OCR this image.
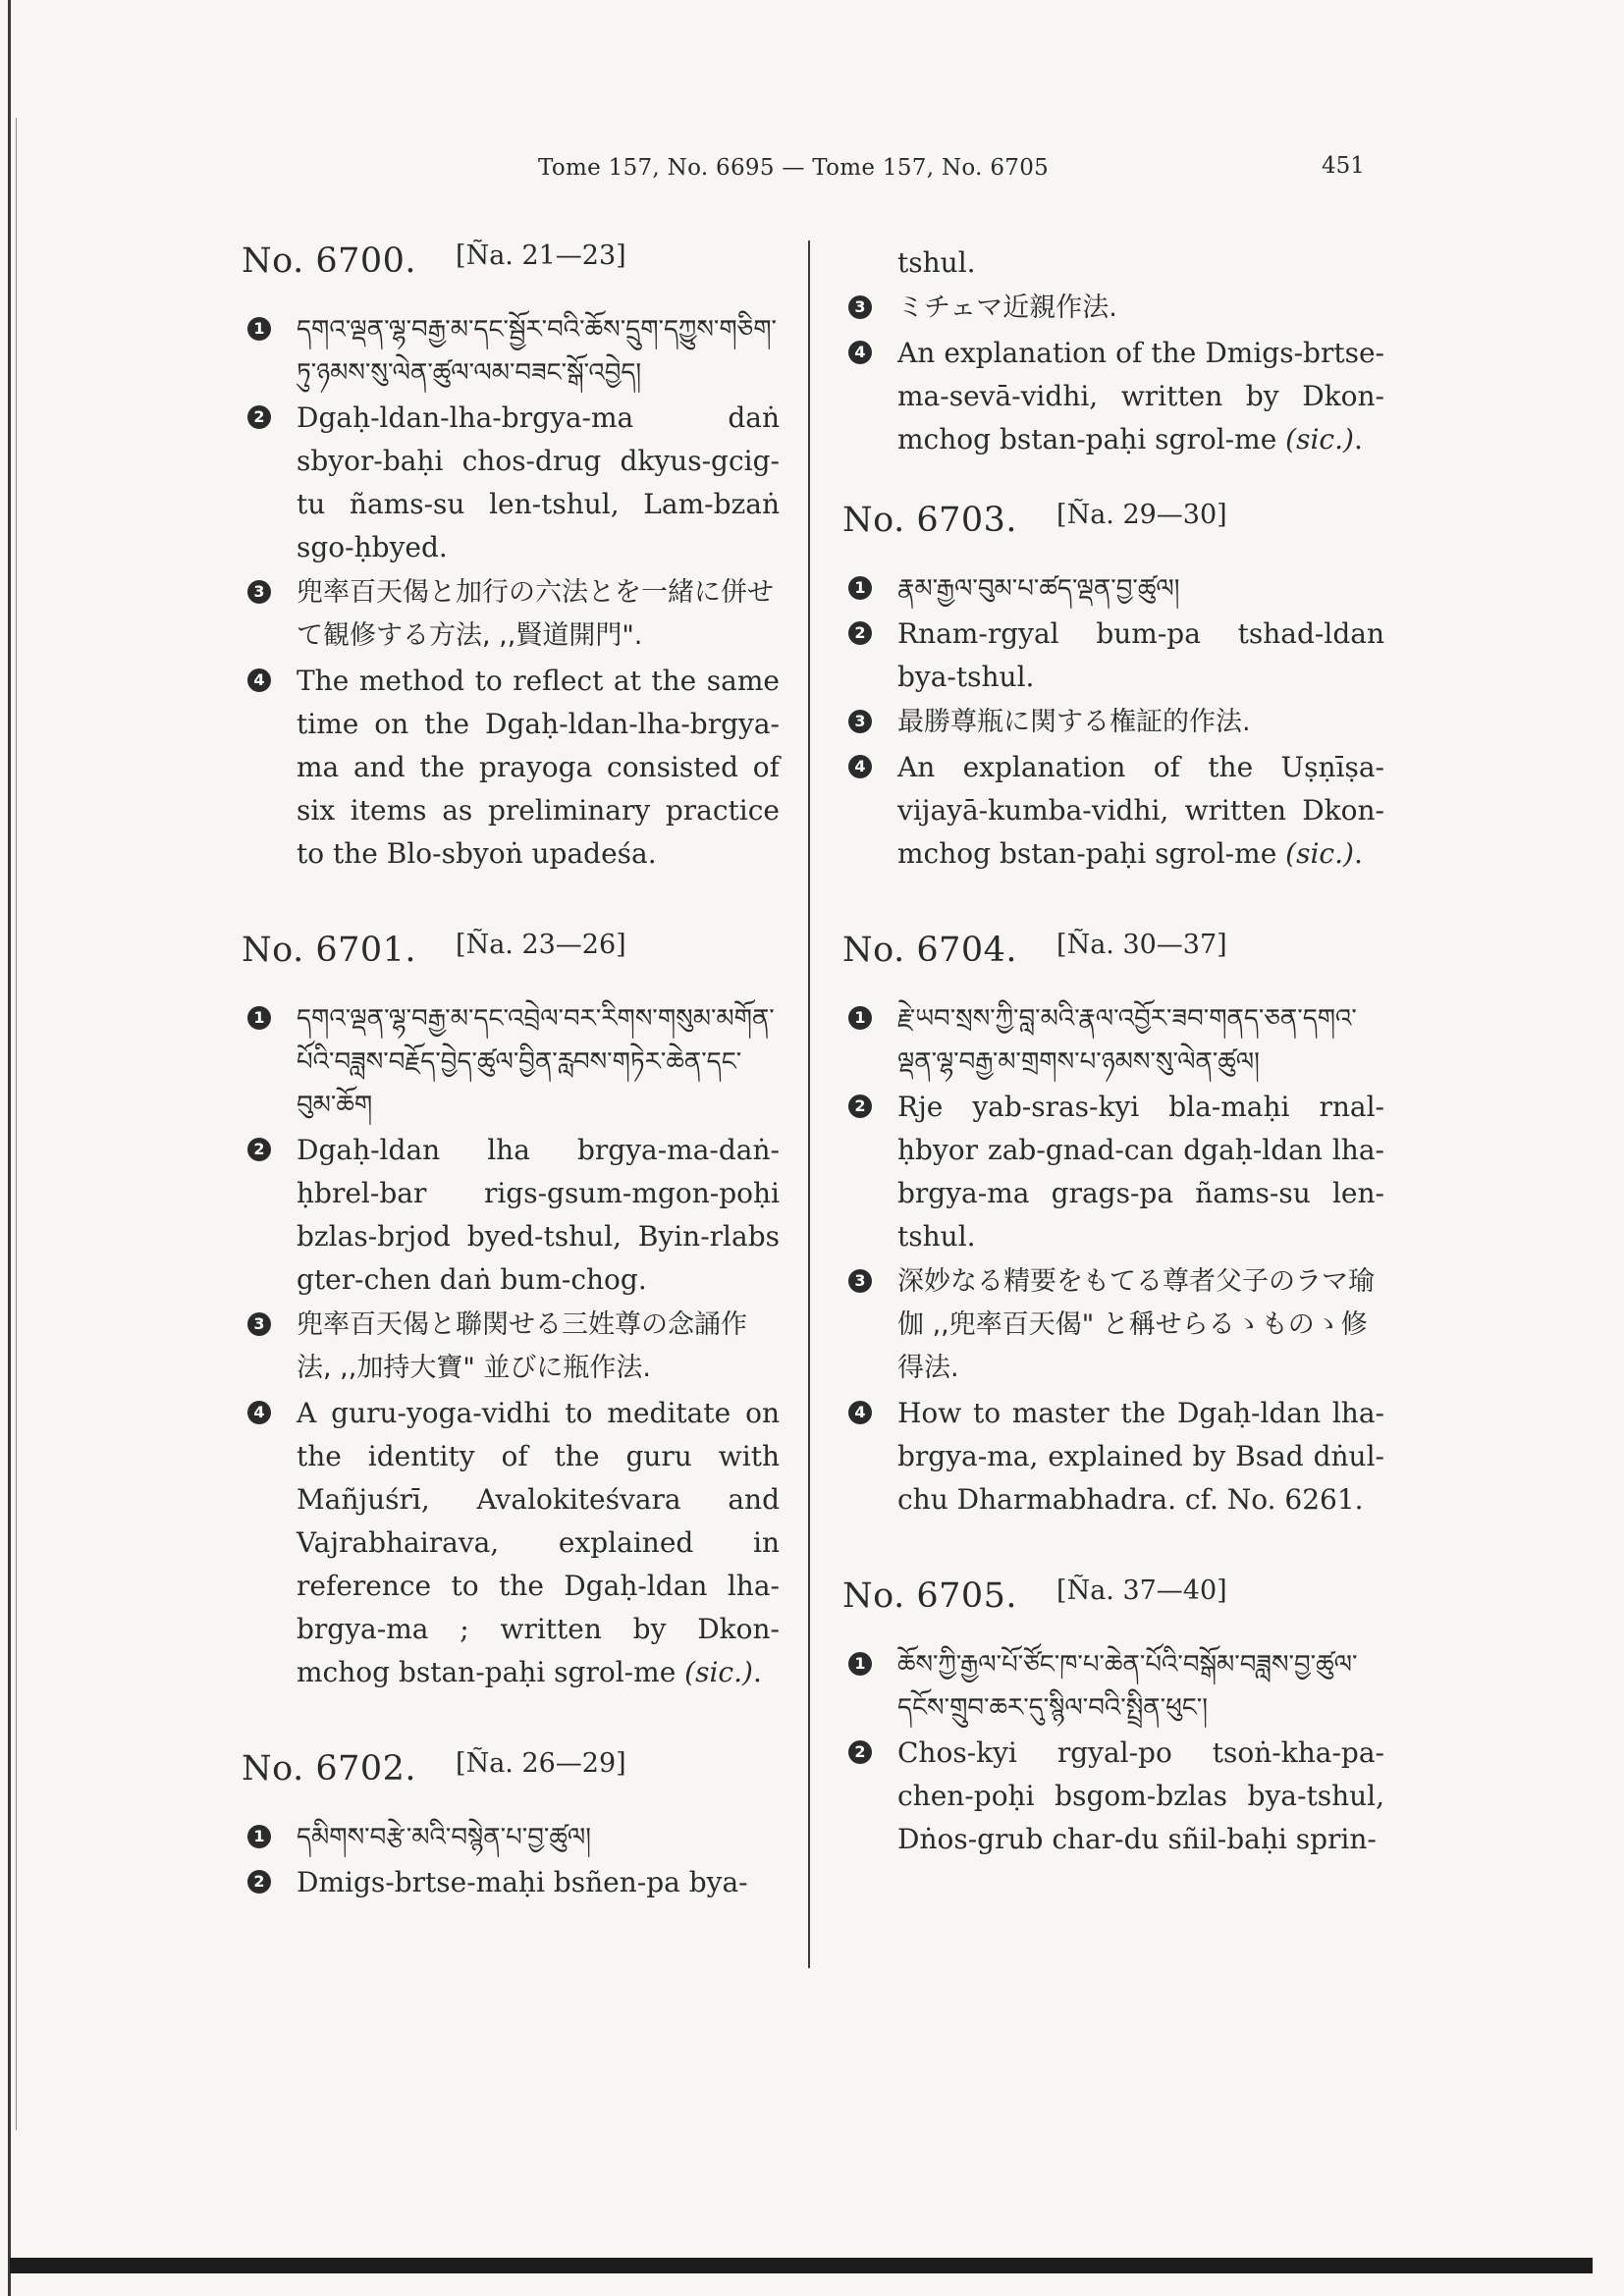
Tome 157, No. 6695 — Tome 157, No. 6705	451
No. 6700. [Ña. 21—23]
1 དགའ་ལྡན་ལྷ་བརྒྱ་མ་དང་སྦྱོར་བའི་ཆོས་དྲུག་དཀྱུས་གཅིག་ཏུ་ཉམས་སུ་ལེན་ཚུལ་ལམ་བཟང་སྒོ་འབྱེད།
2 Dgaḥ-ldan-lha-brgya-ma daṅ sbyor-baḥi chos-drug dkyus-gcig-tu ñams-su len-tshul, Lam-bzaṅ sgo-ḥbyed.
3 兜率百天偈と加行の六法とを一緒に併せて観修する方法, ,,賢道開門".
4 The method to reflect at the same time on the Dgaḥ-ldan-lha-brgya-ma and the prayoga consisted of six items as preliminary practice to the Blo-sbyoṅ upadeśa.
No. 6701. [Ña. 23—26]
1 དགའ་ལྡན་ལྷ་བརྒྱ་མ་དང་འབྲེལ་བར་རིགས་གསུམ་མགོན་པོའི་བཟླས་བརྗོད་བྱེད་ཚུལ་བྱིན་རླབས་གཏེར་ཆེན་དང་བུམ་ཆོག
2 Dgaḥ-ldan lha brgya-ma-daṅ-ḥbrel-bar rigs-gsum-mgon-poḥi bzlas-brjod byed-tshul, Byin-rlabs gter-chen daṅ bum-chog.
3 兜率百天偈と聯関せる三姓尊の念誦作法, ,,加持大寶" 並びに瓶作法.
4 A guru-yoga-vidhi to meditate on the identity of the guru with Mañjuśrī, Avalokiteśvara and Vajrabhairava, explained in reference to the Dgaḥ-ldan lha-brgya-ma ; written by Dkon-mchog bstan-paḥi sgrol-me (sic.).
No. 6702. [Ña. 26—29]
1 དམིགས་བརྩེ་མའི་བསྙེན་པ་བྱ་ཚུལ།
2 Dmigs-brtse-maḥi bsñen-pa bya-
tshul.
3 ミチェマ近親作法.
4 An explanation of the Dmigs-brtse-ma-sevā-vidhi, written by Dkon-mchog bstan-paḥi sgrol-me (sic.).
No. 6703. [Ña. 29—30]
1 རྣམ་རྒྱལ་བུམ་པ་ཚད་ལྡན་བྱ་ཚུལ།
2 Rnam-rgyal bum-pa tshad-ldan bya-tshul.
3 最勝尊瓶に関する権証的作法.
4 An explanation of the Uṣṇīṣa-vijayā-kumba-vidhi, written Dkon-mchog bstan-paḥi sgrol-me (sic.).
No. 6704. [Ña. 30—37]
1 རྗེ་ཡབ་སྲས་ཀྱི་བླ་མའི་རྣལ་འབྱོར་ཟབ་གནད་ཅན་དགའ་ལྡན་ལྷ་བརྒྱ་མ་གྲགས་པ་ཉམས་སུ་ལེན་ཚུལ།
2 Rje yab-sras-kyi bla-maḥi rnal-ḥbyor zab-gnad-can dgaḥ-ldan lha-brgya-ma grags-pa ñams-su len-tshul.
3 深妙なる精要をもてる尊者父子のラマ瑜伽 ,,兜率百天偈" と稱せらるゝものゝ修得法.
4 How to master the Dgaḥ-ldan lha-brgya-ma, explained by Bsad dṅul-chu Dharmabhadra. cf. No. 6261.
No. 6705. [Ña. 37—40]
1 ཆོས་ཀྱི་རྒྱལ་པོ་ཙོང་ཁ་པ་ཆེན་པོའི་བསྒོམ་བཟླས་བྱ་ཚུལ་དངོས་གྲུབ་ཆར་དུ་སྙིལ་བའི་སྤྲིན་ཕུང་།
2 Chos-kyi rgyal-po tsoṅ-kha-pa-chen-poḥi bsgom-bzlas bya-tshul, Dṅos-grub char-du sñil-baḥi sprin-
